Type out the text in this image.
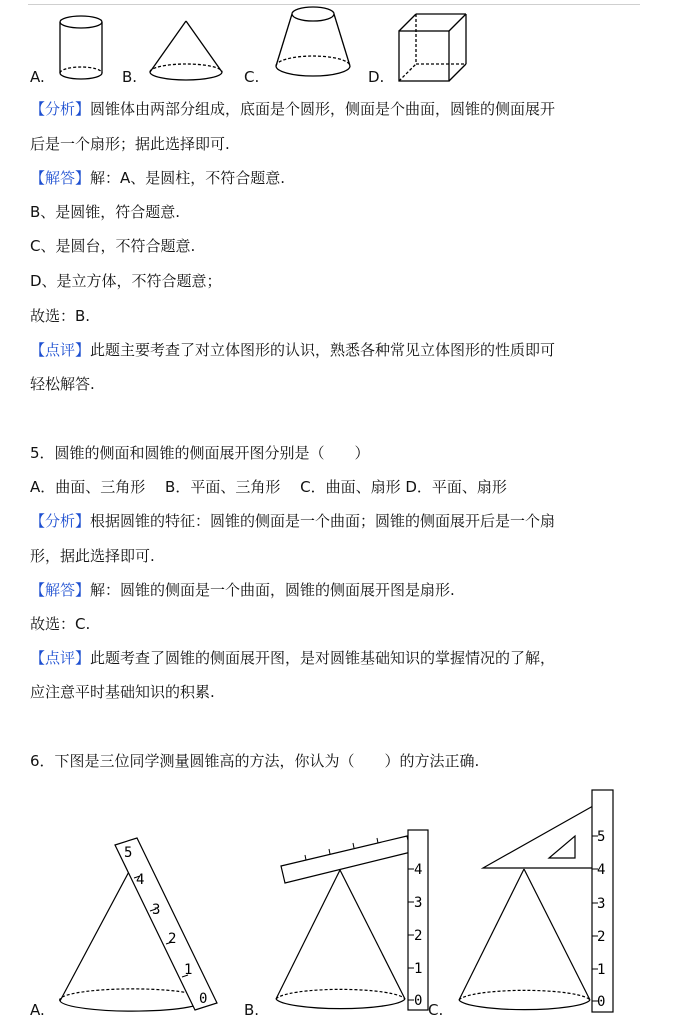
A.	B.	C.	D.
【分析】圆锥体由两部分组成，底面是个圆形，侧面是个曲面，圆锥的侧面展开
后是一个扇形；据此选择即可.
【解答】解：A、是圆柱，不符合题意.
B、是圆锥，符合题意.
C、是圆台，不符合题意.
D、是立方体，不符合题意；
故选：B.
【点评】此题主要考查了对立体图形的认识，熟悉各种常见立体图形的性质即可
轻松解答.
5．圆锥的侧面和圆锥的侧面展开图分别是（　　）
A．曲面、三角形　 B．平面、三角形　 C．曲面、扇形 D．平面、扇形
【分析】根据圆锥的特征：圆锥的侧面是一个曲面；圆锥的侧面展开后是一个扇
形，据此选择即可.
【解答】解：圆锥的侧面是一个曲面，圆锥的侧面展开图是扇形.
故选：C.
【点评】此题考查了圆锥的侧面展开图，是对圆锥基础知识的掌握情况的了解，
应注意平时基础知识的积累.
6．下图是三位同学测量圆锥高的方法，你认为（　　）的方法正确.
0
1
2
3
4
5
0
1
2
3
4
0
1
2
3
4
5
A.	B.	C.
